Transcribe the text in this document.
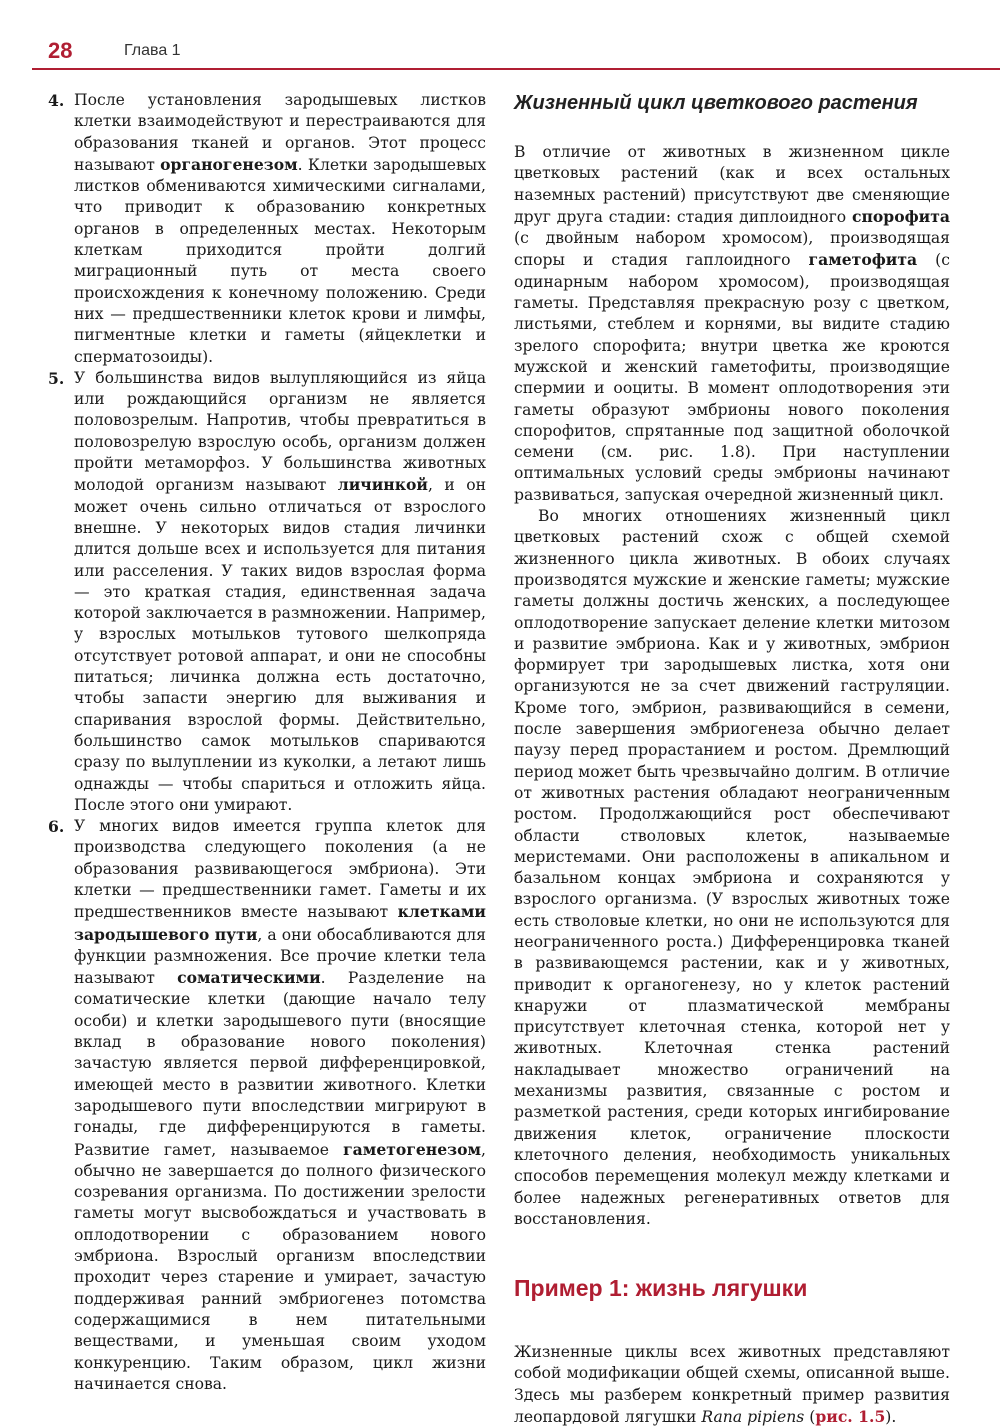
28	Глава 1
4. После установления зародышевых листков клетки взаимодействуют и перестраиваются для образования тканей и органов. Этот процесс называют органогенезом. Клетки зародышевых листков обмениваются химическими сигналами, что приводит к образованию конкретных органов в определенных местах. Некоторым клеткам приходится пройти долгий миграционный путь от места своего происхождения к конечному положению. Среди них — предшественники клеток крови и лимфы, пигментные клетки и гаметы (яйцеклетки и сперматозоиды).

5. У большинства видов вылупляющийся из яйца или рождающийся организм не является половозрелым. Напротив, чтобы превратиться в половозрелую взрослую особь, организм должен пройти метаморфоз. У большинства животных молодой организм называют личинкой, и он может очень сильно отличаться от взрослого внешне. У некоторых видов стадия личинки длится дольше всех и используется для питания или расселения. У таких видов взрослая форма — это краткая стадия, единственная задача которой заключается в размножении. Например, у взрослых мотыльков тутового шелкопряда отсутствует ротовой аппарат, и они не способны питаться; личинка должна есть достаточно, чтобы запасти энергию для выживания и спаривания взрослой формы. Действительно, большинство самок мотыльков спариваются сразу по вылуплении из куколки, а летают лишь однажды — чтобы спариться и отложить яйца. После этого они умирают.

6. У многих видов имеется группа клеток для производства следующего поколения (а не образования развивающегося эмбриона). Эти клетки — предшественники гамет. Гаметы и их предшественников вместе называют клетками зародышевого пути, а они обосабливаются для функции размножения. Все прочие клетки тела называют соматическими. Разделение на соматические клетки (дающие начало телу особи) и клетки зародышевого пути (вносящие вклад в образование нового поколения) зачастую является первой дифференцировкой, имеющей место в развитии животного. Клетки зародышевого пути впоследствии мигрируют в гонады, где дифференцируются в гаметы. Развитие гамет, называемое гаметогенезом, обычно не завершается до полного физического созревания организма. По достижении зрелости гаметы могут высвобождаться и участвовать в оплодотворении с образованием нового эмбриона. Взрослый организм впоследствии проходит через старение и умирает, зачастую поддерживая ранний эмбриогенез потомства содержащимися в нем питательными веществами, и уменьшая своим уходом конкуренцию. Таким образом, цикл жизни начинается снова.

Жизненный цикл цветкового растения

В отличие от животных в жизненном цикле цветковых растений (как и всех остальных наземных растений) присутствуют две сменяющие друг друга стадии: стадия диплоидного спорофита (с двойным набором хромосом), производящая споры и стадия гаплоидного гаметофита (с одинарным набором хромосом), производящая гаметы. Представляя прекрасную розу с цветком, листьями, стеблем и корнями, вы видите стадию зрелого спорофита; внутри цветка же кроются мужской и женский гаметофиты, производящие спермии и ооциты. В момент оплодотворения эти гаметы образуют эмбрионы нового поколения спорофитов, спрятанные под защитной оболочкой семени (см. рис. 1.8). При наступлении оптимальных условий среды эмбрионы начинают развиваться, запуская очередной жизненный цикл.

Во многих отношениях жизненный цикл цветковых растений схож с общей схемой жизненного цикла животных. В обоих случаях производятся мужские и женские гаметы; мужские гаметы должны достичь женских, а последующее оплодотворение запускает деление клетки митозом и развитие эмбриона. Как и у животных, эмбрион формирует три зародышевых листка, хотя они организуются не за счет движений гаструляции. Кроме того, эмбрион, развивающийся в семени, после завершения эмбриогенеза обычно делает паузу перед прорастанием и ростом. Дремлющий период может быть чрезвычайно долгим. В отличие от животных растения обладают неограниченным ростом. Продолжающийся рост обеспечивают области стволовых клеток, называемые меристемами. Они расположены в апикальном и базальном концах эмбриона и сохраняются у взрослого организма. (У взрослых животных тоже есть стволовые клетки, но они не используются для неограниченного роста.) Дифференцировка тканей в развивающемся растении, как и у животных, приводит к органогенезу, но у клеток растений кнаружи от плазматической мембраны присутствует клеточная стенка, которой нет у животных. Клеточная стенка растений накладывает множество ограничений на механизмы развития, связанные с ростом и разметкой растения, среди которых ингибирование движения клеток, ограничение плоскости клеточного деления, необходимость уникальных способов перемещения молекул между клетками и более надежных регенеративных ответов для восстановления.

Пример 1: жизнь лягушки

Жизненные циклы всех животных представляют собой модификации общей схемы, описанной выше. Здесь мы разберем конкретный пример развития леопардовой лягушки Rana pipiens (рис. 1.5).
